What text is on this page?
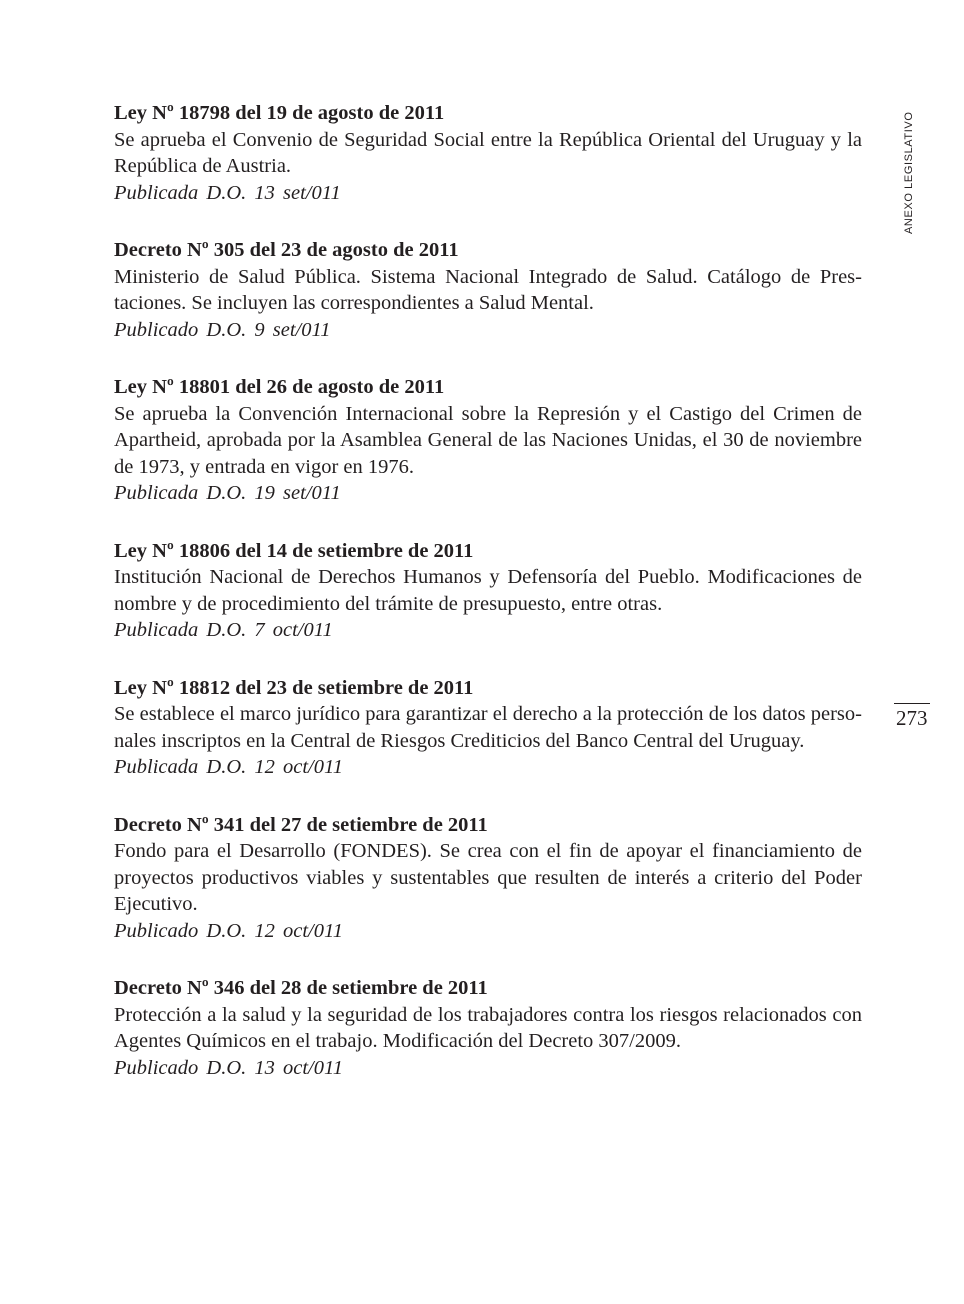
Ley Nº 18798 del 19 de agosto de 2011

Se aprueba el Convenio de Seguridad Social entre la República Oriental del Uruguay y la República de Austria.

Publicada D.O. 13 set/011

Decreto Nº 305 del 23 de agosto de 2011

Ministerio de Salud Pública. Sistema Nacional Integrado de Salud. Catálogo de Prestaciones. Se incluyen las correspondientes a Salud Mental.

Publicado D.O. 9 set/011

Ley Nº 18801 del 26 de agosto de 2011

Se aprueba la Convención Internacional sobre la Represión y el Castigo del Crimen de Apartheid, aprobada por la Asamblea General de las Naciones Unidas, el 30 de noviembre de 1973, y entrada en vigor en 1976.

Publicada D.O. 19 set/011

Ley Nº 18806 del 14 de setiembre de 2011

Institución Nacional de Derechos Humanos y Defensoría del Pueblo. Modificaciones de nombre y de procedimiento del trámite de presupuesto, entre otras.

Publicada D.O. 7 oct/011

Ley Nº 18812 del 23 de setiembre de 2011

Se establece el marco jurídico para garantizar el derecho a la protección de los datos personales inscriptos en la Central de Riesgos Crediticios del Banco Central del Uruguay.

Publicada D.O. 12 oct/011

Decreto Nº 341 del 27 de setiembre de 2011

Fondo para el Desarrollo (FONDES). Se crea con el fin de apoyar el financiamiento de proyectos productivos viables y sustentables que resulten de interés a criterio del Poder Ejecutivo.

Publicado D.O. 12 oct/011

Decreto Nº 346 del 28 de setiembre de 2011

Protección a la salud y la seguridad de los trabajadores contra los riesgos relacionados con Agentes Químicos en el trabajo. Modificación del Decreto 307/2009.

Publicado D.O. 13 oct/011

ANEXO LEGISLATIVO
273
